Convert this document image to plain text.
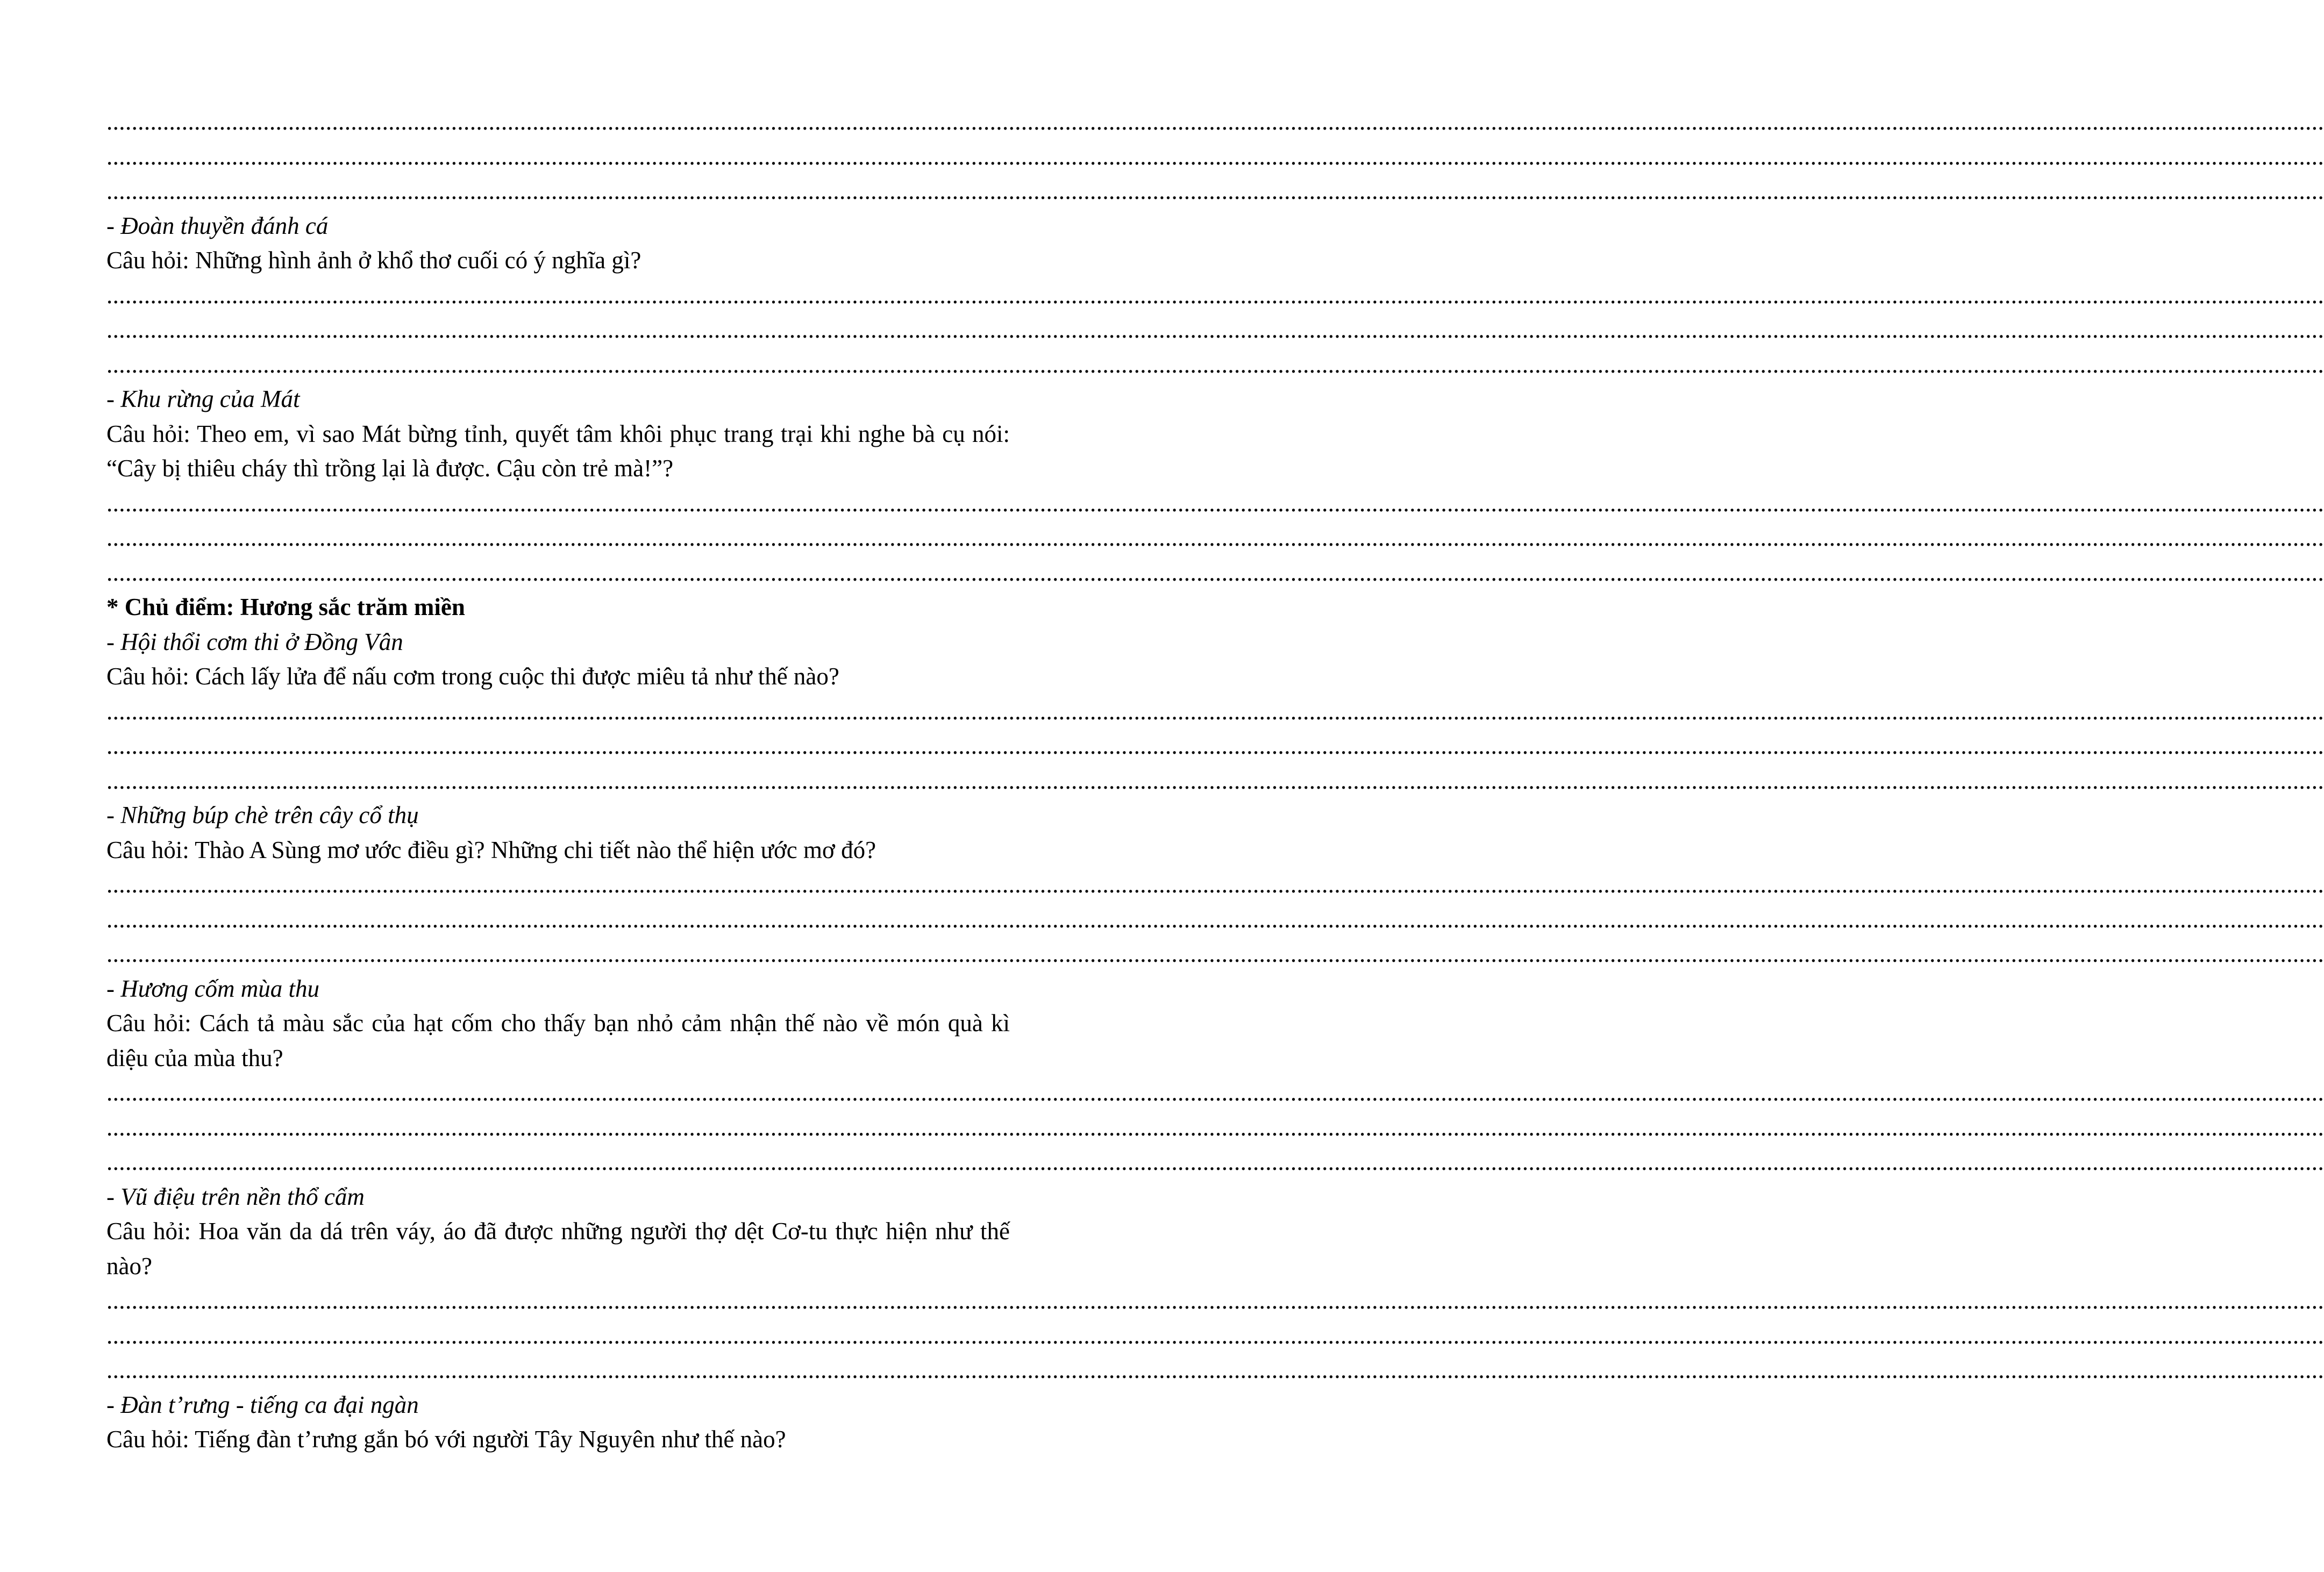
..................................................................................................................................................................................................................................................................................................................................................................
..................................................................................................................................................................................................................................................................................................................................................................
..................................................................................................................................................................................................................................................................................................................................................................
- Đoàn thuyền đánh cá
Câu hỏi: Những hình ảnh ở khổ thơ cuối có ý nghĩa gì?
..................................................................................................................................................................................................................................................................................................................................................................
..................................................................................................................................................................................................................................................................................................................................................................
..................................................................................................................................................................................................................................................................................................................................................................
- Khu rừng của Mát
Câu hỏi: Theo em, vì sao Mát bừng tỉnh, quyết tâm khôi phục trang trại khi nghe bà cụ nói: “Cây bị thiêu cháy thì trồng lại là được. Cậu còn trẻ mà!”?
..................................................................................................................................................................................................................................................................................................................................................................
..................................................................................................................................................................................................................................................................................................................................................................
..................................................................................................................................................................................................................................................................................................................................................................
* Chủ điểm: Hương sắc trăm miền
- Hội thổi cơm thi ở Đồng Vân
Câu hỏi: Cách lấy lửa để nấu cơm trong cuộc thi được miêu tả như thế nào?
..................................................................................................................................................................................................................................................................................................................................................................
..................................................................................................................................................................................................................................................................................................................................................................
..................................................................................................................................................................................................................................................................................................................................................................
- Những búp chè trên cây cổ thụ
Câu hỏi: Thào A Sùng mơ ước điều gì? Những chi tiết nào thể hiện ước mơ đó?
..................................................................................................................................................................................................................................................................................................................................................................
..................................................................................................................................................................................................................................................................................................................................................................
..................................................................................................................................................................................................................................................................................................................................................................
- Hương cốm mùa thu
Câu hỏi: Cách tả màu sắc của hạt cốm cho thấy bạn nhỏ cảm nhận thế nào về món quà kì diệu của mùa thu?
..................................................................................................................................................................................................................................................................................................................................................................
..................................................................................................................................................................................................................................................................................................................................................................
..................................................................................................................................................................................................................................................................................................................................................................
- Vũ điệu trên nền thổ cẩm
Câu hỏi: Hoa văn da dá trên váy, áo đã được những người thợ dệt Cơ-tu thực hiện như thế nào?
..................................................................................................................................................................................................................................................................................................................................................................
..................................................................................................................................................................................................................................................................................................................................................................
..................................................................................................................................................................................................................................................................................................................................................................
- Đàn t’rưng - tiếng ca đại ngàn
Câu hỏi: Tiếng đàn t’rưng gắn bó với người Tây Nguyên như thế nào?
